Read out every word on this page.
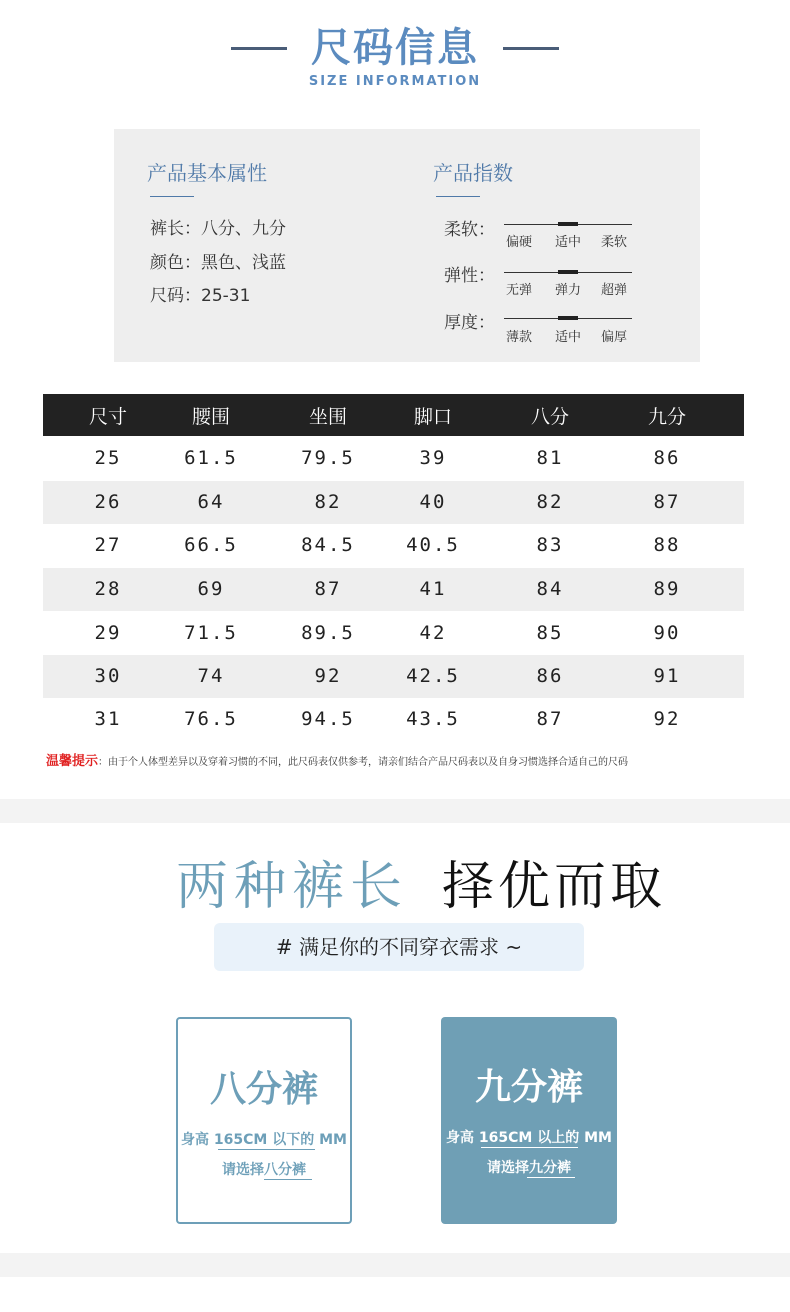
尺码信息
SIZE INFORMATION
产品基本属性
裤长：八分、九分
颜色：黑色、浅蓝
尺码：25-31
产品指数
柔软：
偏硬 适中 柔软
弹性：
无弹 弹力 超弹
厚度：
薄款 适中 偏厚
尺寸	腰围	坐围	脚口	八分	九分
25	61.5	79.5	39	81	86
26	64	82	40	82	87
27	66.5	84.5	40.5	83	88
28	69	87	41	84	89
29	71.5	89.5	42	85	90
30	74	92	42.5	86	91
31	76.5	94.5	43.5	87	92
温馨提示：由于个人体型差异以及穿着习惯的不同，此尺码表仅供参考，请亲们结合产品尺码表以及自身习惯选择合适自己的尺码
两种裤长 择优而取
# 满足你的不同穿衣需求 ~
八分裤
身高 165CM 以下的 MM
请选择八分裤
九分裤
身高 165CM 以上的 MM
请选择九分裤
